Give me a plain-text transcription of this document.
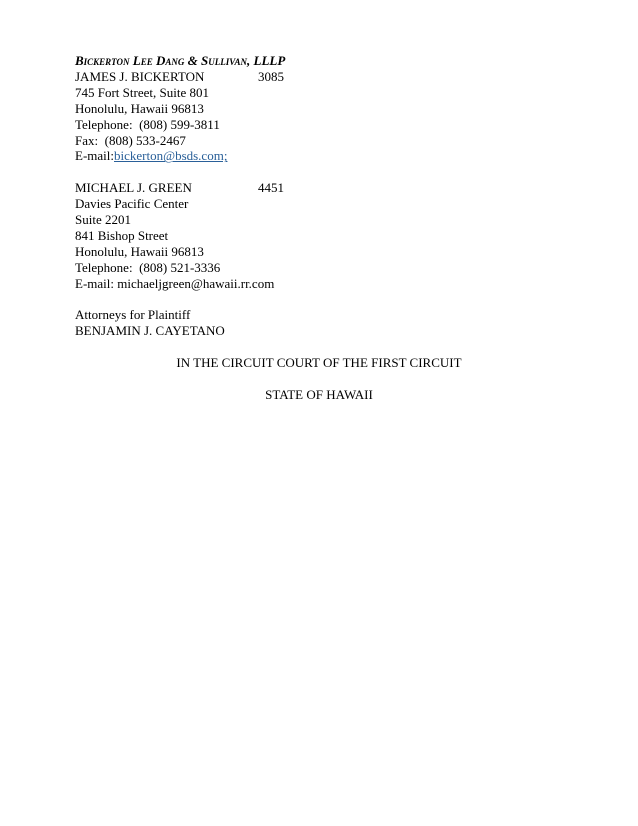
Bickerton Lee Dang & Sullivan, LLLP
JAMES J. BICKERTON	3085
745 Fort Street, Suite 801
Honolulu, Hawaii 96813
Telephone:  (808) 599-3811
Fax:  (808) 533-2467
E-mail:bickerton@bsds.com;
MICHAEL J. GREEN	4451
Davies Pacific Center
Suite 2201
841 Bishop Street
Honolulu, Hawaii 96813
Telephone:  (808) 521-3336
E-mail: michaeljgreen@hawaii.rr.com
Attorneys for Plaintiff
BENJAMIN J. CAYETANO
IN THE CIRCUIT COURT OF THE FIRST CIRCUIT
STATE OF HAWAII
